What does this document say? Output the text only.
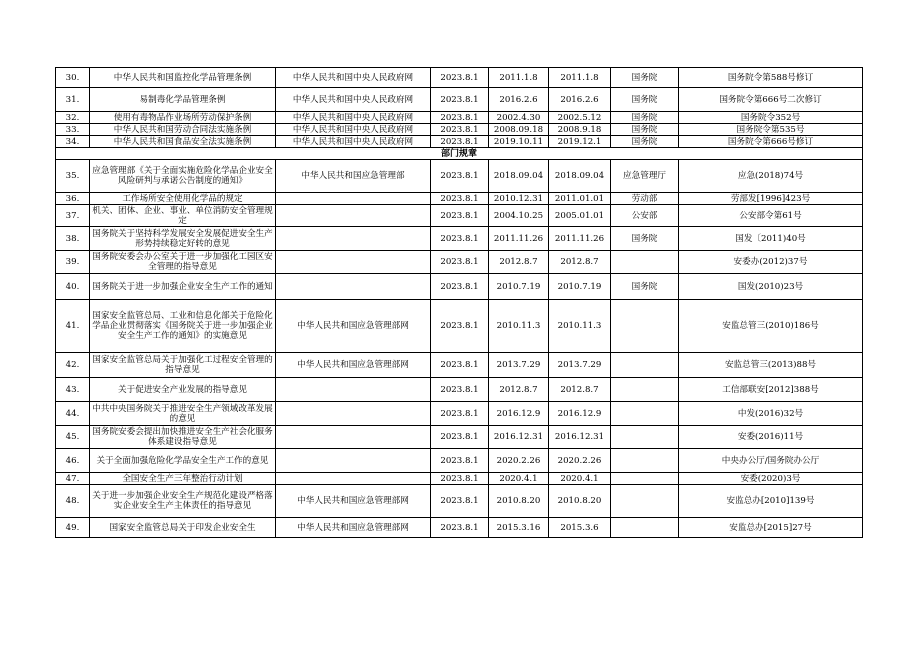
30.	中华人民共和国监控化学品管理条例	中华人民共和国中央人民政府网	2023.8.1	2011.1.8	2011.1.8	国务院	国务院令第588号修订
31.	易制毒化学品管理条例	中华人民共和国中央人民政府网	2023.8.1	2016.2.6	2016.2.6	国务院	国务院令第666号二次修订
32.	使用有毒物品作业场所劳动保护条例	中华人民共和国中央人民政府网	2023.8.1	2002.4.30	2002.5.12	国务院	国务院令352号
33.	中华人民共和国劳动合同法实施条例	中华人民共和国中央人民政府网	2023.8.1	2008.09.18	2008.9.18	国务院	国务院令第535号
34.	中华人民共和国食品安全法实施条例	中华人民共和国中央人民政府网	2023.8.1	2019.10.11	2019.12.1	国务院	国务院令第666号修订
部门规章							
35.	应急管理部《关于全面实施危险化学品企业安全风险研判与承诺公告制度的通知》	中华人民共和国应急管理部	2023.8.1	2018.09.04	2018.09.04	应急管理厅	应急(2018)74号
36.	工作场所安全使用化学品的规定		2023.8.1	2010.12.31	2011.01.01	劳动部	劳部发[1996]423号
37.	机关、团体、企业、事业、单位消防安全管理规定		2023.8.1	2004.10.25	2005.01.01	公安部	公安部令第61号
38.	国务院关于坚持科学发展安全发展促进安全生产形势持续稳定好转的意见		2023.8.1	2011.11.26	2011.11.26	国务院	国发〔2011)40号
39.	国务院安委会办公室关于进一步加强化工园区安全管理的指导意见		2023.8.1	2012.8.7	2012.8.7		安委办(2012)37号
40.	国务院关于进一步加强企业安全生产工作的通知		2023.8.1	2010.7.19	2010.7.19	国务院	国发(2010)23号
41.	国家安全监管总局、工业和信息化部关于危险化学品企业贯彻落实《国务院关于进一步加强企业安全生产工作的通知》的实施意见	中华人民共和国应急管理部网	2023.8.1	2010.11.3	2010.11.3		安监总管三(2010)186号
42.	国家安全监管总局关于加强化工过程安全管理的指导意见	中华人民共和国应急管理部网	2023.8.1	2013.7.29	2013.7.29		安监总管三(2013)88号
43.	关于促进安全产业发展的指导意见		2023.8.1	2012.8.7	2012.8.7		工信部联安[2012]388号
44.	中共中央国务院关于推进安全生产领域改革发展的意见		2023.8.1	2016.12.9	2016.12.9		中发(2016)32号
45.	国务院安委会提出加快推进安全生产社会化服务体系建设指导意见		2023.8.1	2016.12.31	2016.12.31		安委(2016)11号
46.	关于全面加强危险化学品安全生产工作的意见		2023.8.1	2020.2.26	2020.2.26		中央办公厅/国务院办公厅
47.	全国安全生产三年整治行动计划		2023.8.1	2020.4.1	2020.4.1		安委(2020)3号
48.	关于进一步加强企业安全生产规范化建设严格落实企业安全生产主体责任的指导意见	中华人民共和国应急管理部网	2023.8.1	2010.8.20	2010.8.20		安监总办[2010]139号
49.	国家安全监管总局关于印发企业安全生	中华人民共和国应急管理部网	2023.8.1	2015.3.16	2015.3.6		安监总办[2015]27号
